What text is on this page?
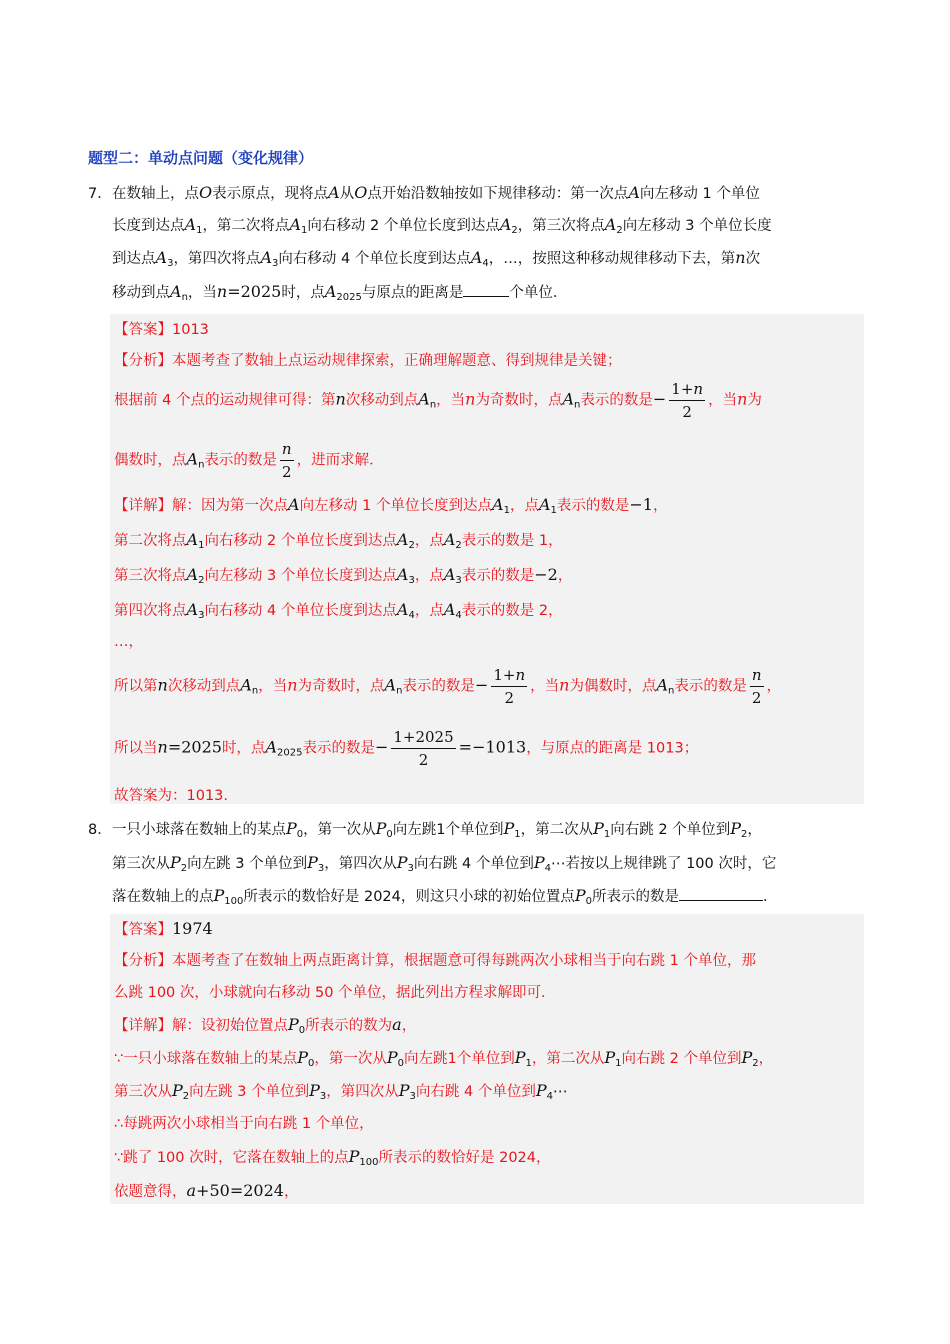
题型二：单动点问题（变化规律）
7． 在数轴上，点O表示原点，现将点A从O点开始沿数轴按如下规律移动：第一次点A向左移动 1 个单位
长度到达点$A_1$，第二次将点$A_1$向右移动 2 个单位长度到达点$A_2$，第三次将点$A_2$向左移动 3 个单位长度
到达点$A_3$，第四次将点$A_3$向右移动 4 个单位长度到达点$A_4$，…，按照这种移动规律移动下去，第n次
移动到点$A_n$，当n=2025时，点$A_{2025}$与原点的距离是	个单位．
【答案】1013
【分析】本题考查了数轴上点运动规律探索，正确理解题意、得到规律是关键；
根据前 4 个点的运动规律可得：第n次移动到点$A_n$，当n为奇数时，点$A_n$表示的数是− $\frac{1+n}{2}$ ，当n为
偶数时，点$A_n$表示的数是 $\frac{n}{2}$ ，进而求解．
【详解】解：因为第一次点A向左移动 1 个单位长度到达点$A_1$，点$A_1$表示的数是−1，
第二次将点$A_1$向右移动 2 个单位长度到达点$A_2$，点$A_2$表示的数是 1，
第三次将点$A_2$向左移动 3 个单位长度到达点$A_3$，点$A_3$表示的数是−2，
第四次将点$A_3$向右移动 4 个单位长度到达点$A_4$，点$A_4$表示的数是 2，
…，
所以第n次移动到点$A_n$，当n为奇数时，点$A_n$表示的数是− $\frac{1+n}{2}$ ，当n为偶数时，点$A_n$表示的数是 $\frac{n}{2}$ ，
所以当n=2025时，点$A_{2025}$表示的数是− $\frac{1+2025}{2} =-1013$，与原点的距离是 1013；
故答案为：1013.
8． 一只小球落在数轴上的某点$P_0$，第一次从$P_0$向左跳1个单位到$P_1$，第二次从$P_1$向右跳 2 个单位到$P_2$，
第三次从$P_2$向左跳 3 个单位到$P_3$，第四次从$P_3$向右跳 4 个单位到$P_4\cdots$若按以上规律跳了 100 次时，它
落在数轴上的点$P_{100}$所表示的数恰好是 2024，则这只小球的初始位置点$P_0$所表示的数是	．
【答案】1974
【分析】本题考查了在数轴上两点距离计算，根据题意可得每跳两次小球相当于向右跳 1 个单位，那
么跳 100 次，小球就向右移动 50 个单位，据此列出方程求解即可．
【详解】解：设初始位置点$P_0$所表示的数为a，
∵一只小球落在数轴上的某点$P_0$，第一次从$P_0$向左跳1个单位到$P_1$，第二次从$P_1$向右跳 2 个单位到$P_2$，
第三次从$P_2$向左跳 3 个单位到$P_3$，第四次从$P_3$向右跳 4 个单位到$P_4\cdots$
∴每跳两次小球相当于向右跳 1 个单位，
∵跳了 100 次时，它落在数轴上的点$P_{100}$所表示的数恰好是 2024，
依题意得，a+50=2024，
